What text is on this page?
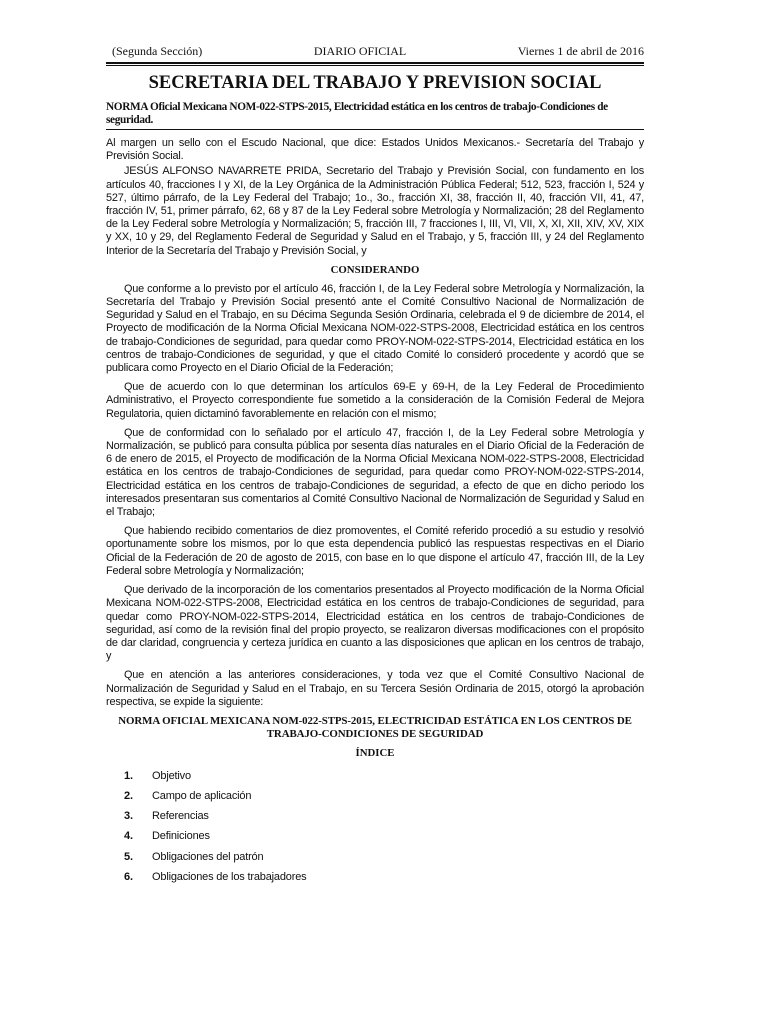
(Segunda Sección)	DIARIO OFICIAL	Viernes 1 de abril de 2016
SECRETARIA DEL TRABAJO Y PREVISION SOCIAL
NORMA Oficial Mexicana NOM-022-STPS-2015, Electricidad estática en los centros de trabajo-Condiciones de seguridad.

Al margen un sello con el Escudo Nacional, que dice: Estados Unidos Mexicanos.- Secretaría del Trabajo y Previsión Social.

JESÚS ALFONSO NAVARRETE PRIDA, Secretario del Trabajo y Previsión Social, con fundamento en los artículos 40, fracciones I y XI, de la Ley Orgánica de la Administración Pública Federal; 512, 523, fracción I, 524 y 527, último párrafo, de la Ley Federal del Trabajo; 1o., 3o., fracción XI, 38, fracción II, 40, fracción VII, 41, 47, fracción IV, 51, primer párrafo, 62, 68 y 87 de la Ley Federal sobre Metrología y Normalización; 28 del Reglamento de la Ley Federal sobre Metrología y Normalización; 5, fracción III, 7 fracciones I, III, VI, VII, X, XI, XII, XIV, XV, XIX y XX, 10 y 29, del Reglamento Federal de Seguridad y Salud en el Trabajo, y 5, fracción III, y 24 del Reglamento Interior de la Secretaría del Trabajo y Previsión Social, y

CONSIDERANDO

Que conforme a lo previsto por el artículo 46, fracción I, de la Ley Federal sobre Metrología y Normalización, la Secretaría del Trabajo y Previsión Social presentó ante el Comité Consultivo Nacional de Normalización de Seguridad y Salud en el Trabajo, en su Décima Segunda Sesión Ordinaria, celebrada el 9 de diciembre de 2014, el Proyecto de modificación de la Norma Oficial Mexicana NOM-022-STPS-2008, Electricidad estática en los centros de trabajo-Condiciones de seguridad, para quedar como PROY-NOM-022-STPS-2014, Electricidad estática en los centros de trabajo-Condiciones de seguridad, y que el citado Comité lo consideró procedente y acordó que se publicara como Proyecto en el Diario Oficial de la Federación;

Que de acuerdo con lo que determinan los artículos 69-E y 69-H, de la Ley Federal de Procedimiento Administrativo, el Proyecto correspondiente fue sometido a la consideración de la Comisión Federal de Mejora Regulatoria, quien dictaminó favorablemente en relación con el mismo;

Que de conformidad con lo señalado por el artículo 47, fracción I, de la Ley Federal sobre Metrología y Normalización, se publicó para consulta pública por sesenta días naturales en el Diario Oficial de la Federación de 6 de enero de 2015, el Proyecto de modificación de la Norma Oficial Mexicana NOM-022-STPS-2008, Electricidad estática en los centros de trabajo-Condiciones de seguridad, para quedar como PROY-NOM-022-STPS-2014, Electricidad estática en los centros de trabajo-Condiciones de seguridad, a efecto de que en dicho periodo los interesados presentaran sus comentarios al Comité Consultivo Nacional de Normalización de Seguridad y Salud en el Trabajo;

Que habiendo recibido comentarios de diez promoventes, el Comité referido procedió a su estudio y resolvió oportunamente sobre los mismos, por lo que esta dependencia publicó las respuestas respectivas en el Diario Oficial de la Federación de 20 de agosto de 2015, con base en lo que dispone el artículo 47, fracción III, de la Ley Federal sobre Metrología y Normalización;

Que derivado de la incorporación de los comentarios presentados al Proyecto modificación de la Norma Oficial Mexicana NOM-022-STPS-2008, Electricidad estática en los centros de trabajo-Condiciones de seguridad, para quedar como PROY-NOM-022-STPS-2014, Electricidad estática en los centros de trabajo-Condiciones de seguridad, así como de la revisión final del propio proyecto, se realizaron diversas modificaciones con el propósito de dar claridad, congruencia y certeza jurídica en cuanto a las disposiciones que aplican en los centros de trabajo, y

Que en atención a las anteriores consideraciones, y toda vez que el Comité Consultivo Nacional de Normalización de Seguridad y Salud en el Trabajo, en su Tercera Sesión Ordinaria de 2015, otorgó la aprobación respectiva, se expide la siguiente:

NORMA OFICIAL MEXICANA NOM-022-STPS-2015, ELECTRICIDAD ESTÁTICA EN LOS CENTROS DE TRABAJO-CONDICIONES DE SEGURIDAD
ÍNDICE
1.	Objetivo
2.	Campo de aplicación
3.	Referencias
4.	Definiciones
5.	Obligaciones del patrón
6.	Obligaciones de los trabajadores
